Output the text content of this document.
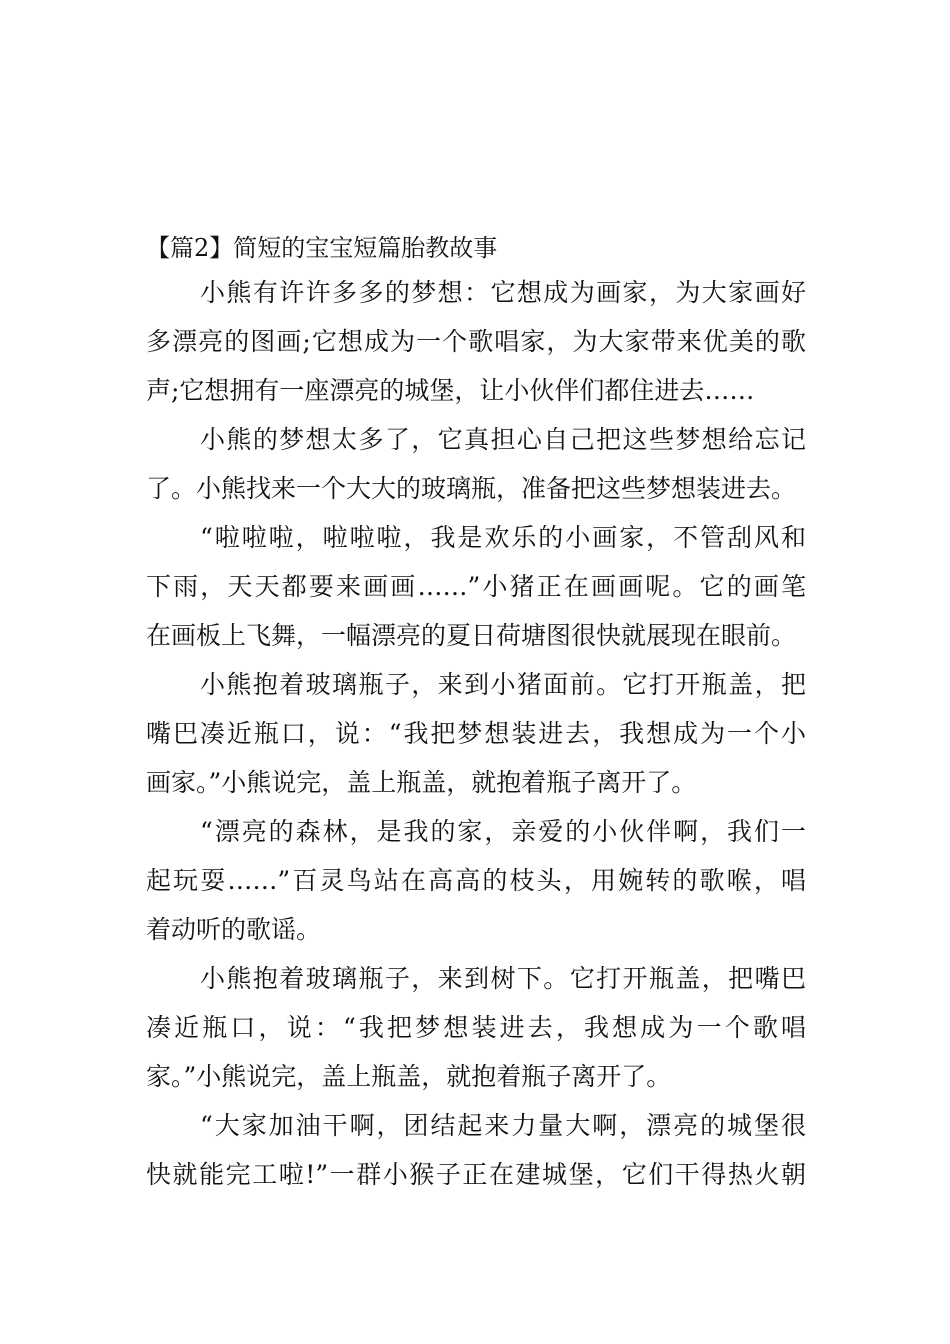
【篇2】简短的宝宝短篇胎教故事
小熊有许许多多的梦想：它想成为画家，为大家画好
多漂亮的图画;它想成为一个歌唱家，为大家带来优美的歌
声;它想拥有一座漂亮的城堡，让小伙伴们都住进去……
小熊的梦想太多了，它真担心自己把这些梦想给忘记
了。小熊找来一个大大的玻璃瓶，准备把这些梦想装进去。
“啦啦啦，啦啦啦，我是欢乐的小画家，不管刮风和
下雨，天天都要来画画……”小猪正在画画呢。它的画笔
在画板上飞舞，一幅漂亮的夏日荷塘图很快就展现在眼前。
小熊抱着玻璃瓶子，来到小猪面前。它打开瓶盖，把
嘴巴凑近瓶口，说：“我把梦想装进去，我想成为一个小
画家。”小熊说完，盖上瓶盖，就抱着瓶子离开了。
“漂亮的森林，是我的家，亲爱的小伙伴啊，我们一
起玩耍……”百灵鸟站在高高的枝头，用婉转的歌喉，唱
着动听的歌谣。
小熊抱着玻璃瓶子，来到树下。它打开瓶盖，把嘴巴
凑近瓶口，说：“我把梦想装进去，我想成为一个歌唱
家。”小熊说完，盖上瓶盖，就抱着瓶子离开了。
“大家加油干啊，团结起来力量大啊，漂亮的城堡很
快就能完工啦!”一群小猴子正在建城堡，它们干得热火朝
